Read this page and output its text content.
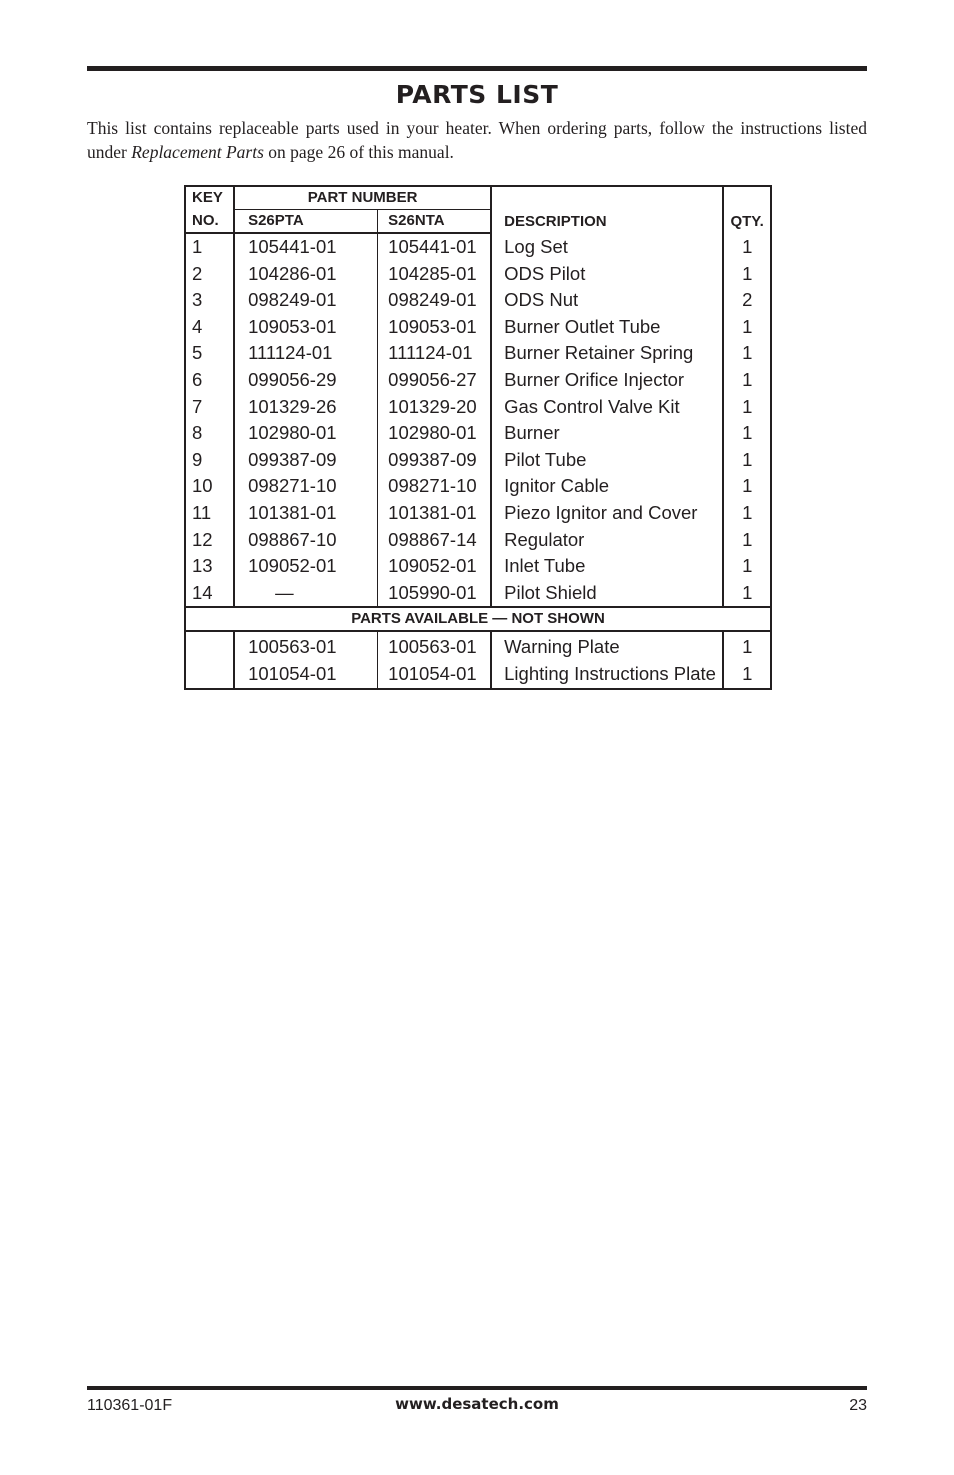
PARTS LIST
This list contains replaceable parts used in your heater. When ordering parts, follow the instructions listed under Replacement Parts on page 26 of this manual.
KEY	PART NUMBER		DESCRIPTION	QTY.
NO.	S26PTA	S26NTA		
1	105441-01	105441-01	Log Set	1
2	104286-01	104285-01	ODS Pilot	1
3	098249-01	098249-01	ODS Nut	2
4	109053-01	109053-01	Burner Outlet Tube	1
5	111124-01	111124-01	Burner Retainer Spring	1
6	099056-29	099056-27	Burner Orifice Injector	1
7	101329-26	101329-20	Gas Control Valve Kit	1
8	102980-01	102980-01	Burner	1
9	099387-09	099387-09	Pilot Tube	1
10	098271-10	098271-10	Ignitor Cable	1
11	101381-01	101381-01	Piezo Ignitor and Cover	1
12	098867-10	098867-14	Regulator	1
13	109052-01	109052-01	Inlet Tube	1
14	—	105990-01	Pilot Shield	1
PARTS AVAILABLE — NOT SHOWN				
	100563-01	100563-01	Warning Plate	1
	101054-01	101054-01	Lighting Instructions Plate	1
110361-01F	www.desatech.com	23
